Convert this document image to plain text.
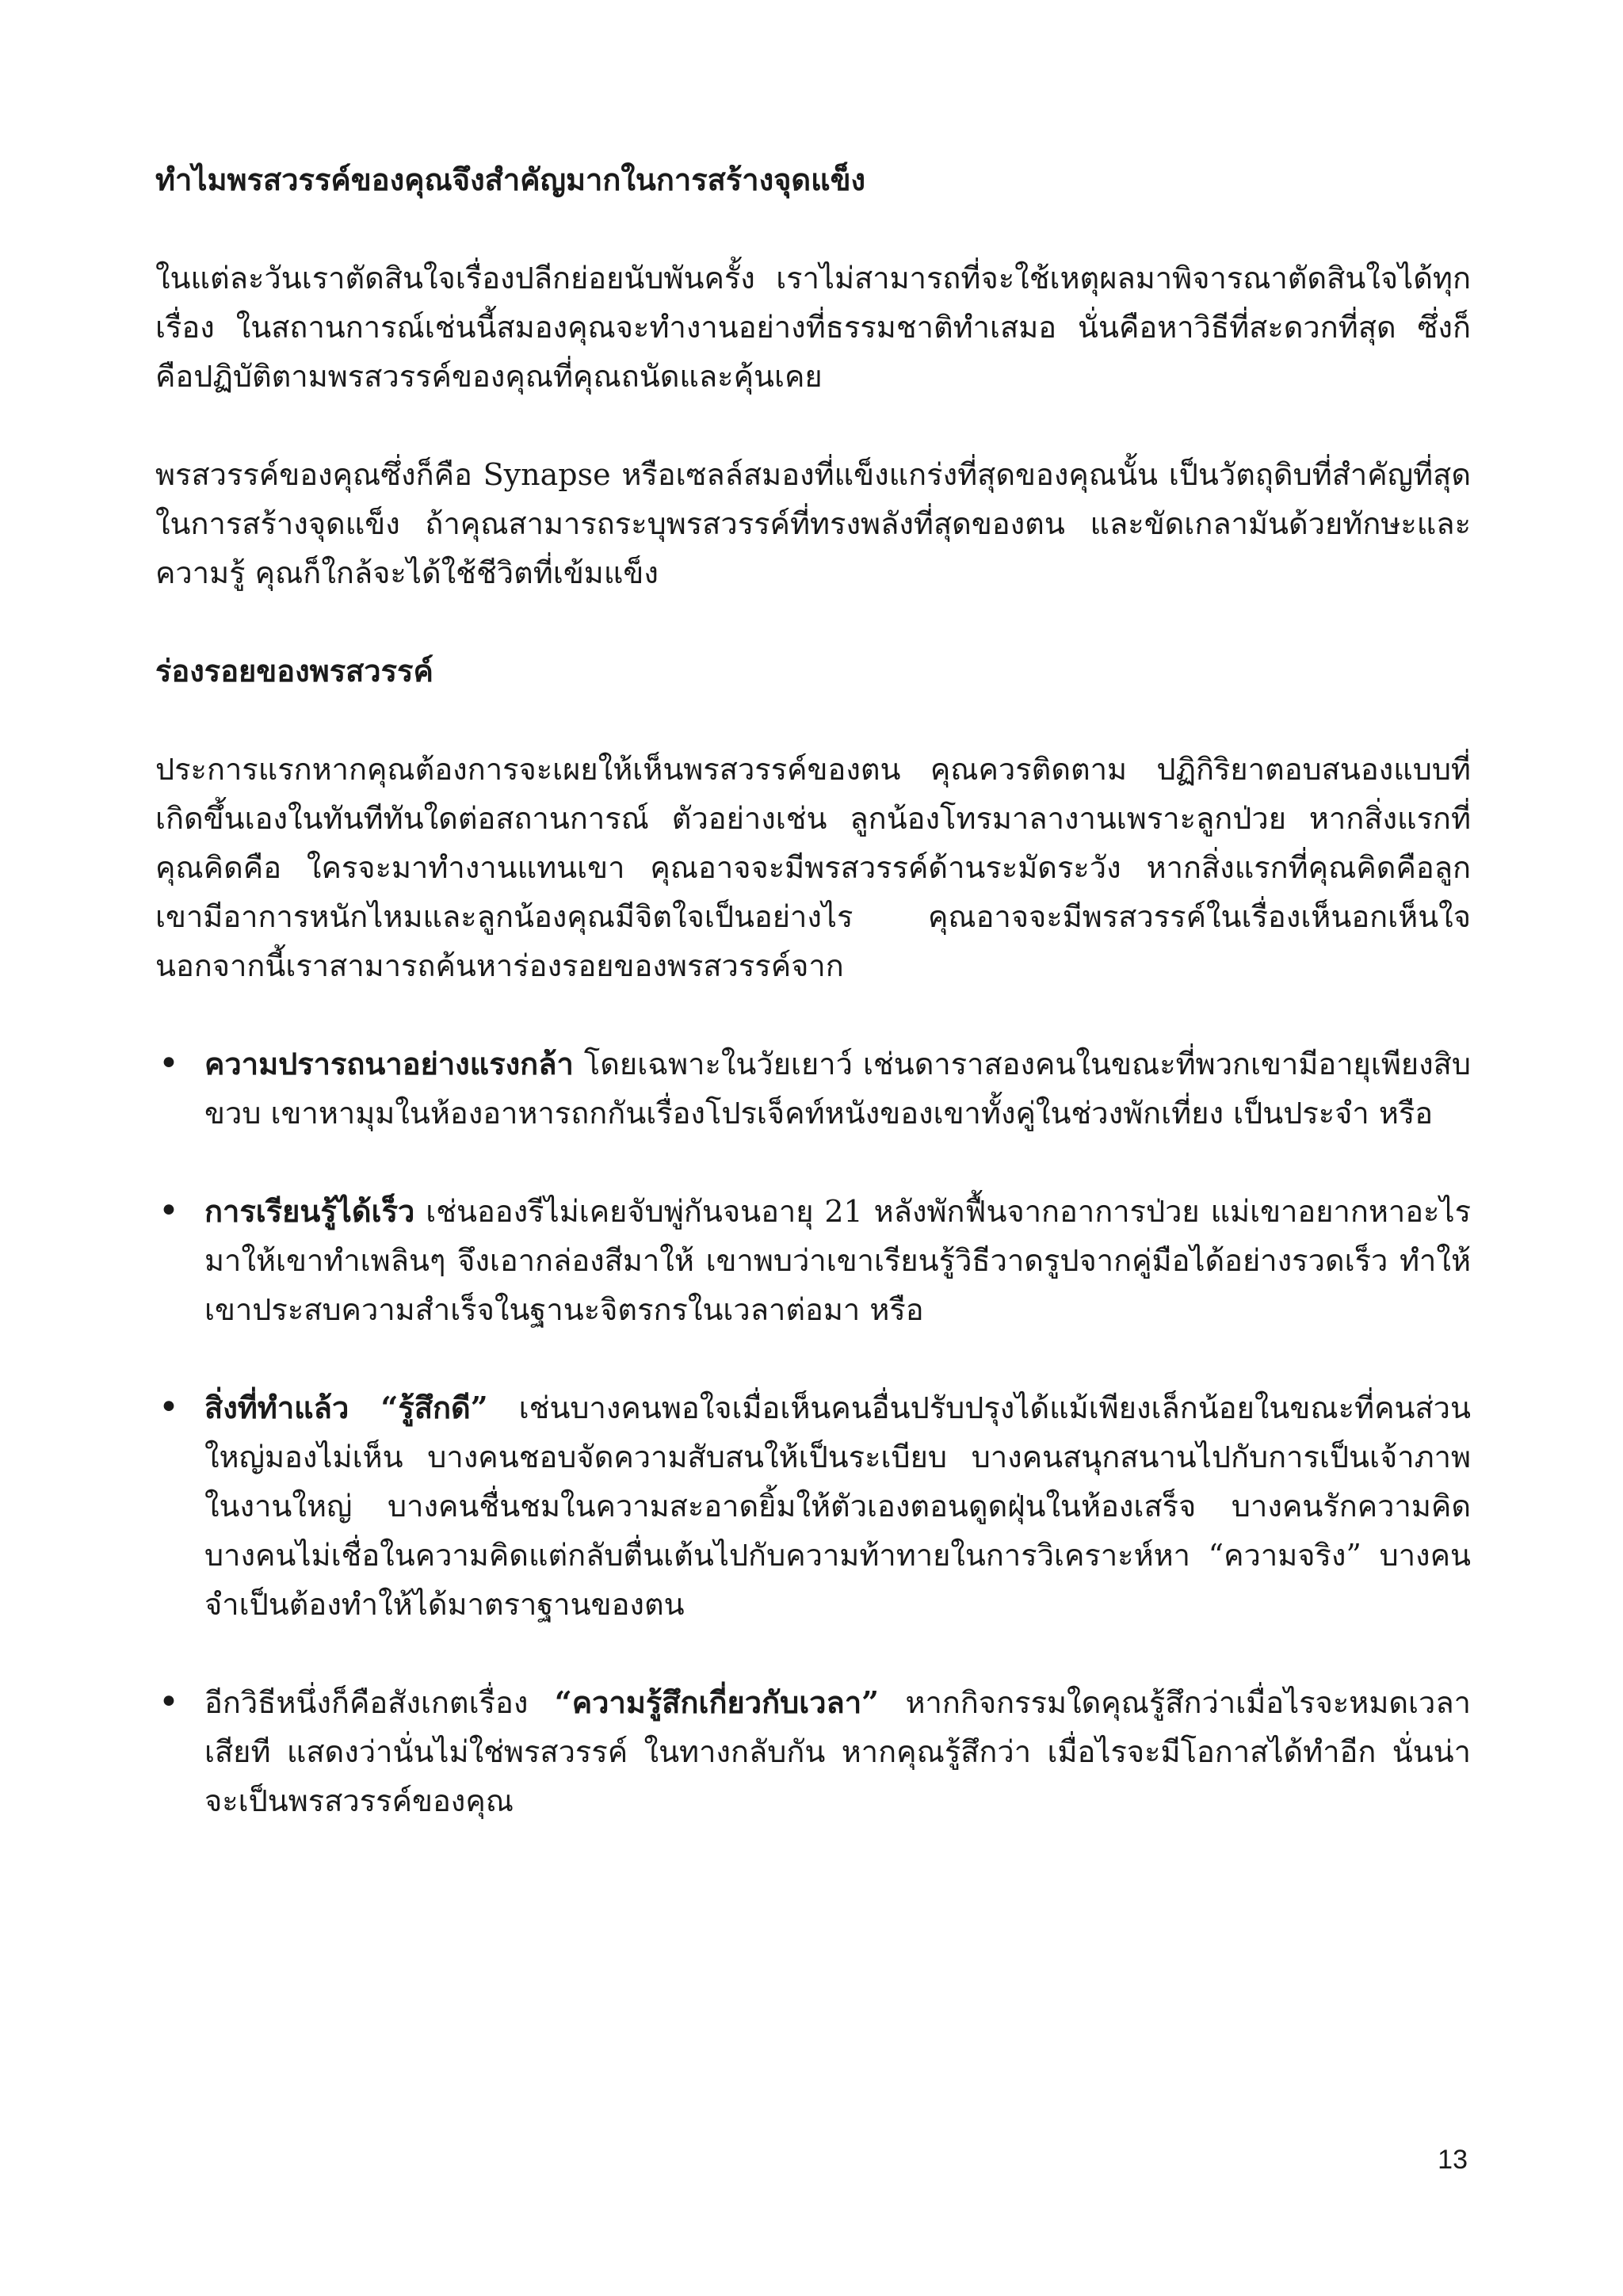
ทำไมพรสวรรค์ของคุณจึงสำคัญมากในการสร้างจุดแข็ง

ในแต่ละวันเราตัดสินใจเรื่องปลีกย่อยนับพันครั้ง เราไม่สามารถที่จะใช้เหตุผลมาพิจารณาตัดสินใจได้ทุกเรื่อง ในสถานการณ์เช่นนี้สมองคุณจะทำงานอย่างที่ธรรมชาติทำเสมอ นั่นคือหาวิธีที่สะดวกที่สุด ซึ่งก็คือปฏิบัติตามพรสวรรค์ของคุณที่คุณถนัดและคุ้นเคย

พรสวรรค์ของคุณซึ่งก็คือ Synapse หรือเซลล์สมองที่แข็งแกร่งที่สุดของคุณนั้น เป็นวัตถุดิบที่สำคัญที่สุดในการสร้างจุดแข็ง ถ้าคุณสามารถระบุพรสวรรค์ที่ทรงพลังที่สุดของตน และขัดเกลามันด้วยทักษะและความรู้ คุณก็ใกล้จะได้ใช้ชีวิตที่เข้มแข็ง

ร่องรอยของพรสวรรค์

ประการแรกหากคุณต้องการจะเผยให้เห็นพรสวรรค์ของตน คุณควรติดตาม ปฏิกิริยาตอบสนองแบบที่เกิดขึ้นเองในทันทีทันใดต่อสถานการณ์ ตัวอย่างเช่น ลูกน้องโทรมาลางานเพราะลูกป่วย หากสิ่งแรกที่คุณคิดคือ ใครจะมาทำงานแทนเขา คุณอาจจะมีพรสวรรค์ด้านระมัดระวัง หากสิ่งแรกที่คุณคิดคือลูกเขามีอาการหนักไหมและลูกน้องคุณมีจิตใจเป็นอย่างไร คุณอาจจะมีพรสวรรค์ในเรื่องเห็นอกเห็นใจ นอกจากนี้เราสามารถค้นหาร่องรอยของพรสวรรค์จาก

• ความปรารถนาอย่างแรงกล้า โดยเฉพาะในวัยเยาว์ เช่นดาราสองคนในขณะที่พวกเขามีอายุเพียงสิบขวบ เขาหามุมในห้องอาหารถกกันเรื่องโปรเจ็คท์หนังของเขาทั้งคู่ในช่วงพักเที่ยง เป็นประจำ หรือ
• การเรียนรู้ได้เร็ว เช่นอองรีไม่เคยจับพู่กันจนอายุ 21 หลังพักฟื้นจากอาการป่วย แม่เขาอยากหาอะไรมาให้เขาทำเพลินๆ จึงเอากล่องสีมาให้ เขาพบว่าเขาเรียนรู้วิธีวาดรูปจากคู่มือได้อย่างรวดเร็ว ทำให้เขาประสบความสำเร็จในฐานะจิตรกรในเวลาต่อมา หรือ
• สิ่งที่ทำแล้ว “รู้สึกดี” เช่นบางคนพอใจเมื่อเห็นคนอื่นปรับปรุงได้แม้เพียงเล็กน้อยในขณะที่คนส่วนใหญ่มองไม่เห็น บางคนชอบจัดความสับสนให้เป็นระเบียบ บางคนสนุกสนานไปกับการเป็นเจ้าภาพในงานใหญ่ บางคนชื่นชมในความสะอาดยิ้มให้ตัวเองตอนดูดฝุ่นในห้องเสร็จ บางคนรักความคิด บางคนไม่เชื่อในความคิดแต่กลับตื่นเต้นไปกับความท้าทายในการวิเคราะห์หา “ความจริง” บางคนจำเป็นต้องทำให้ได้มาตราฐานของตน
• อีกวิธีหนึ่งก็คือสังเกตเรื่อง “ความรู้สึกเกี่ยวกับเวลา” หากกิจกรรมใดคุณรู้สึกว่าเมื่อไรจะหมดเวลาเสียที แสดงว่านั่นไม่ใช่พรสวรรค์ ในทางกลับกัน หากคุณรู้สึกว่า เมื่อไรจะมีโอกาสได้ทำอีก นั่นน่าจะเป็นพรสวรรค์ของคุณ
13
